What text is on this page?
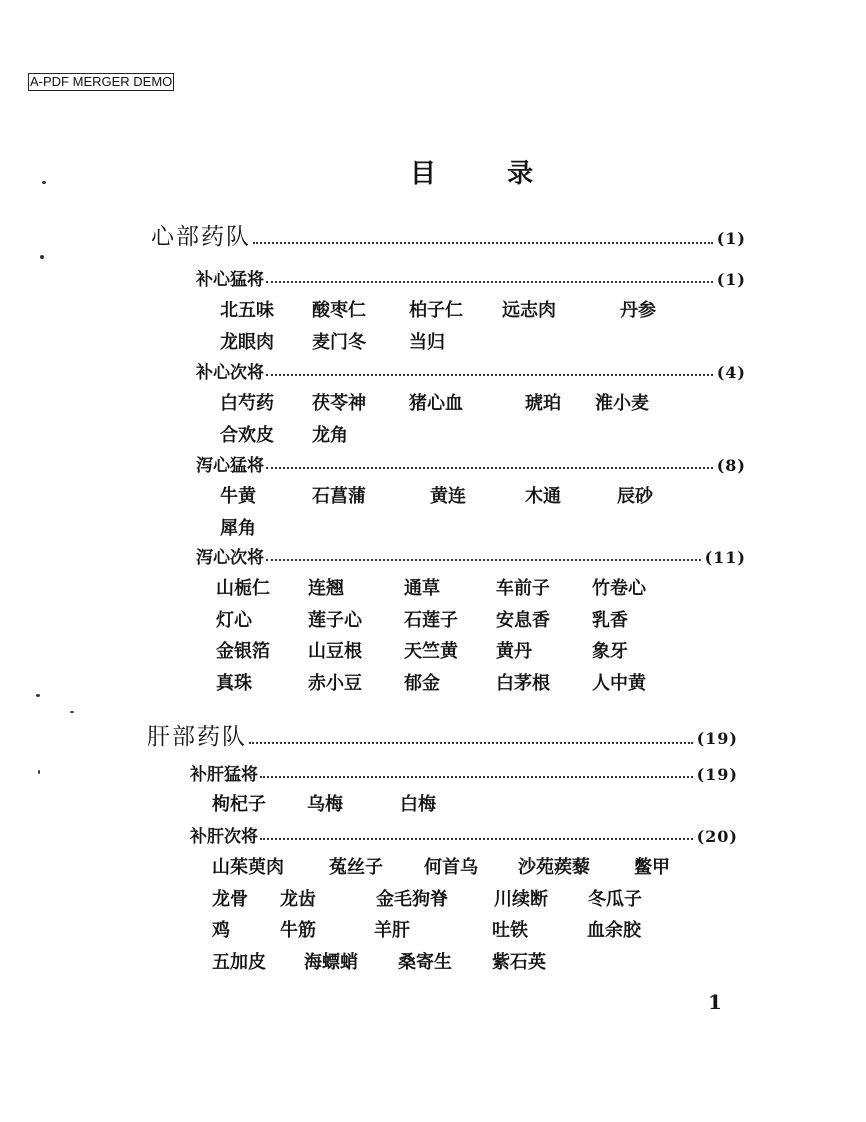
A-PDF MERGER DEMO
目	录
心部药队	(1)
补心猛将	(1)
北五味 酸枣仁 柏子仁 远志肉	丹参
龙眼肉 麦门冬 当归
补心次将	(4)
白芍药 茯苓神 猪心血	琥珀 淮小麦
合欢皮 龙角
泻心猛将	(8)
牛黄	石菖蒲	黄连	木通	辰砂
犀角
泻心次将	(11)
山栀仁 连翘	通草	车前子 竹卷心
灯心	莲子心 石莲子 安息香 乳香
金银箔 山豆根 天竺黄 黄丹	象牙
真珠	赤小豆 郁金	白茅根 人中黄
肝部药队	(19)
补肝猛将	(19)
枸杞子 乌梅	白梅
补肝次将	(20)
山茱萸肉	菟丝子 何首乌 沙苑蒺藜 鳖甲
龙骨 龙齿	金毛狗脊	川续断 冬瓜子
鸡	牛筋	羊肝	吐铁	血余胶
五加皮 海螵蛸 桑寄生 紫石英
1
